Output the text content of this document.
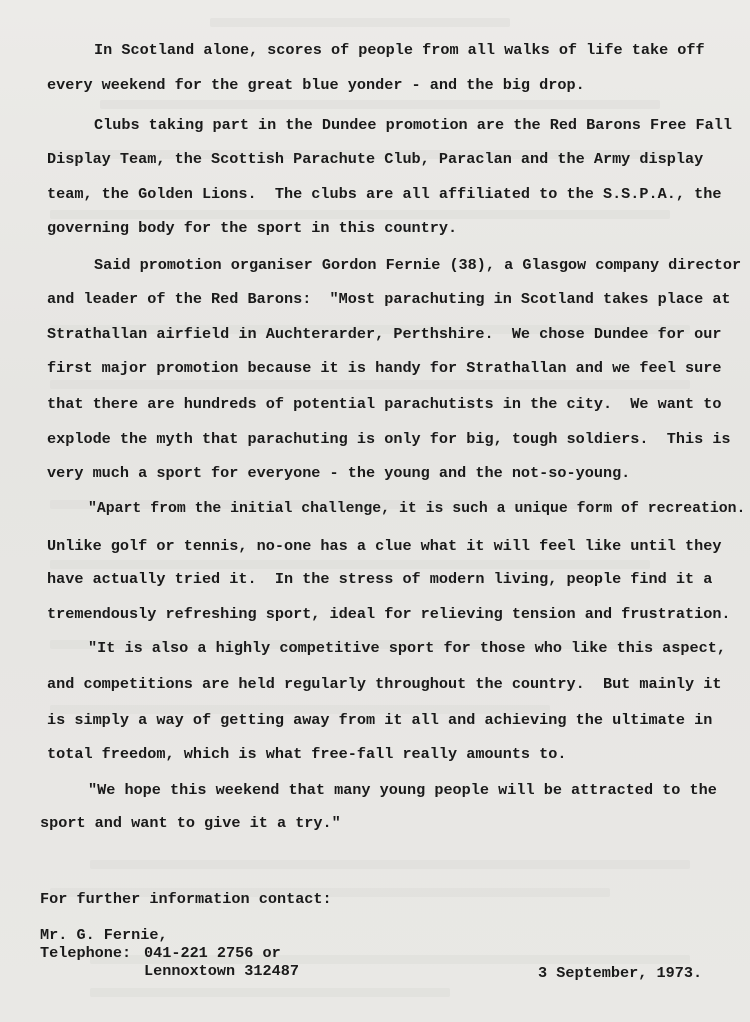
In Scotland alone, scores of people from all walks of life take off
every weekend for the great blue yonder - and the big drop.
Clubs taking part in the Dundee promotion are the Red Barons Free Fall
Display Team, the Scottish Parachute Club, Paraclan and the Army display
team, the Golden Lions.  The clubs are all affiliated to the S.S.P.A., the
governing body for the sport in this country.
Said promotion organiser Gordon Fernie (38), a Glasgow company director
and leader of the Red Barons:  "Most parachuting in Scotland takes place at
Strathallan airfield in Auchterarder, Perthshire.  We chose Dundee for our
first major promotion because it is handy for Strathallan and we feel sure
that there are hundreds of potential parachutists in the city.  We want to
explode the myth that parachuting is only for big, tough soldiers.  This is
very much a sport for everyone - the young and the not-so-young.
"Apart from the initial challenge, it is such a unique form of recreation.
Unlike golf or tennis, no-one has a clue what it will feel like until they
have actually tried it.  In the stress of modern living, people find it a
tremendously refreshing sport, ideal for relieving tension and frustration.
"It is also a highly competitive sport for those who like this aspect,
and competitions are held regularly throughout the country.  But mainly it
is simply a way of getting away from it all and achieving the ultimate in
total freedom, which is what free-fall really amounts to.
"We hope this weekend that many young people will be attracted to the
sport and want to give it a try."
For further information contact:
Mr. G. Fernie,
Telephone: 041-221 2756 or
Lennoxtown 312487	3 September, 1973.
